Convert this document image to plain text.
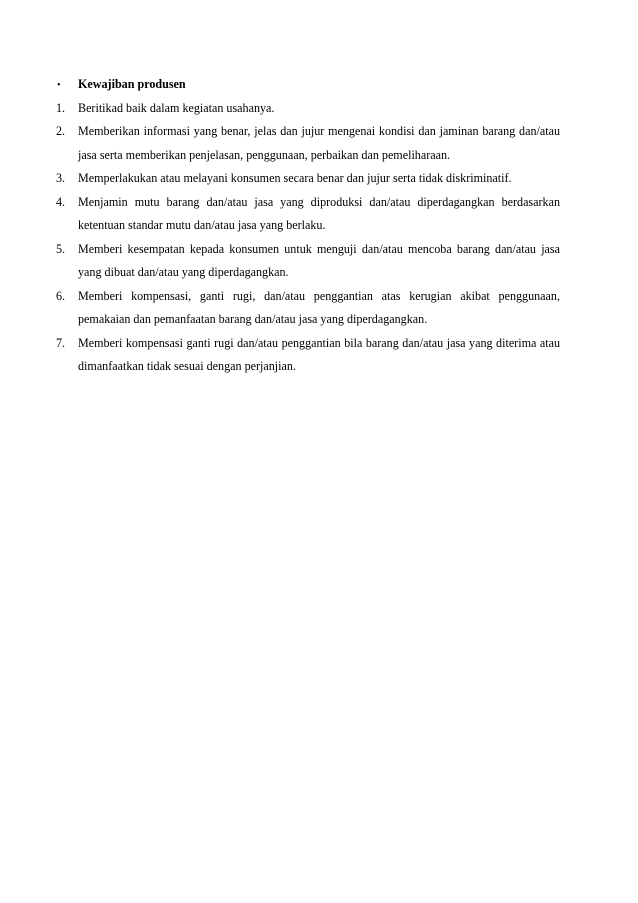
•	Kewajiban produsen
1.	Beritikad baik dalam kegiatan usahanya.
2.	Memberikan informasi yang benar, jelas dan jujur mengenai kondisi dan jaminan barang dan/atau jasa serta memberikan penjelasan, penggunaan, perbaikan dan pemeliharaan.
3.	Memperlakukan atau melayani konsumen secara benar dan jujur serta tidak diskriminatif.
4.	Menjamin mutu barang dan/atau jasa yang diproduksi dan/atau diperdagangkan berdasarkan ketentuan standar mutu dan/atau jasa yang berlaku.
5.	Memberi kesempatan kepada konsumen untuk menguji dan/atau mencoba barang dan/atau jasa yang dibuat dan/atau yang diperdagangkan.
6.	Memberi kompensasi, ganti rugi, dan/atau penggantian atas kerugian akibat penggunaan, pemakaian dan pemanfaatan barang dan/atau jasa yang diperdagangkan.
7.	Memberi kompensasi ganti rugi dan/atau penggantian bila barang dan/atau jasa yang diterima atau dimanfaatkan tidak sesuai dengan perjanjian.
